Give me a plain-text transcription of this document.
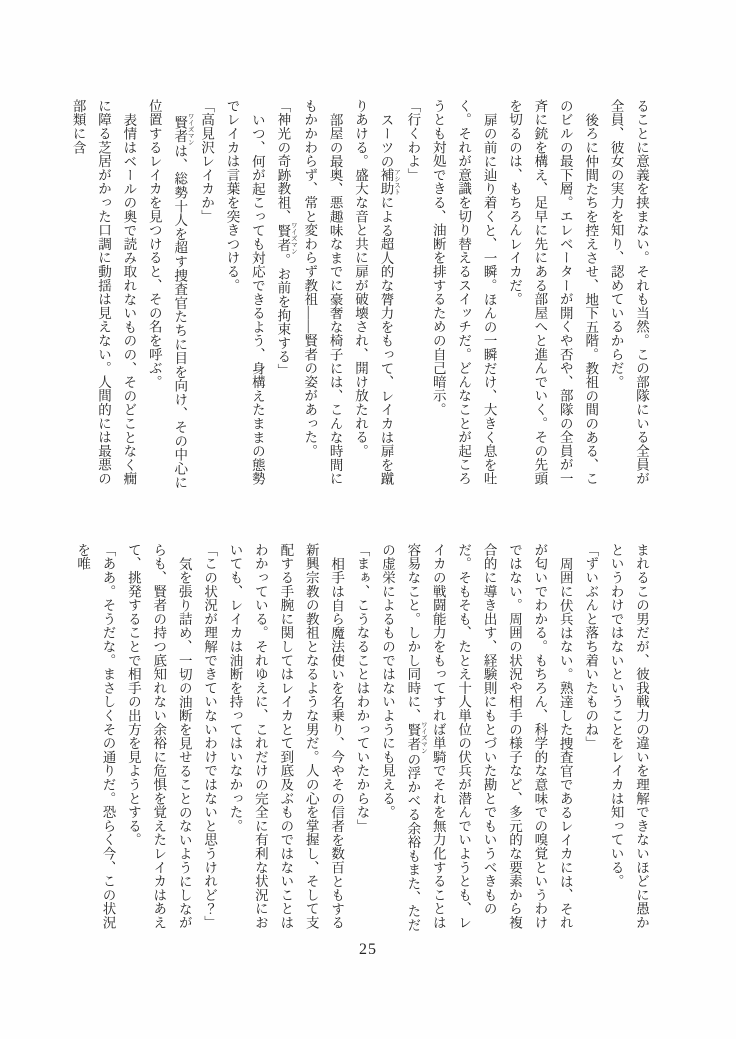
ることに意義を挟まない。それも当然。この部隊にいる全員が全員、彼女の実力を知り、認めているからだ。

後ろに仲間たちを控えさせ、地下五階。教祖の間のある、このビルの最下層。エレベーターが開くや否や、部隊の全員が一斉に銃を構え、足早に先にある部屋へと進んでいく。その先頭を切るのは、もちろんレイカだ。

扉の前に辿り着くと、一瞬。ほんの一瞬だけ、大きく息を吐く。それが意識を切り替えるスイッチだ。どんなことが起ころうとも対処できる、油断を排するための自己暗示。

「行くわよ」

スーツの補助 アシストによる超人的な膂力をもって、レイカは扉を蹴りあける。盛大な音と共に扉が破壊され、開け放たれる。

部屋の最奥、悪趣味なまでに豪奢な椅子には、こんな時間にもかかわらず、常と変わらず教祖――賢者の姿があった。

「神光の奇跡教祖、賢者 ワイズマン。お前を拘束する」

いつ、何が起こっても対応できるよう、身構えたままの態勢でレイカは言葉を突きつける。

「高見沢レイカか」

賢者 ワイズマンは、総勢十人を超す捜査官たちに目を向け、その中心に位置するレイカを見つけると、その名を呼ぶ。

表情はベールの奥で読み取れないものの、そのどことなく癇に障る芝居がかった口調に動揺は見えない。人間的には最悪の部類に含

まれるこの男だが、彼我戦力の違いを理解できないほどに愚かというわけではないということをレイカは知っている。

「ずいぶんと落ち着いたものね」

周囲に伏兵はない。熟達した捜査官であるレイカには、それが匂いでわかる。もちろん、科学的な意味での嗅覚というわけではない。周囲の状況や相手の様子など、多元的な要素から複合的に導き出す、経験則にもとづいた勘とでもいうべきものだ。そもそも、たとえ十人単位の伏兵が潜んでいようとも、レイカの戦闘能力をもってすれば単騎でそれを無力化することは容易なこと。しかし同時に、賢者 ワイズマンの浮かべる余裕もまた、ただの虚栄によるものではないようにも見える。

「まぁ、こうなることはわかっていたからな」

相手は自ら魔法使いを名乗り、今やその信者を数百ともする新興宗教の教祖となるような男だ。人の心を掌握し、そして支配する手腕に関してはレイカとて到底及ぶものではないことはわかっている。それゆえに、これだけの完全に有利な状況においても、レイカは油断を持ってはいなかった。

「この状況が理解できていないわけではないと思うけれど？」

気を張り詰め、一切の油断を見せることのないようにしながらも、賢者の持つ底知れない余裕に危惧を覚えたレイカはあえて、挑発することで相手の出方を見ようとする。

「ああ。そうだな。まさしくその通りだ。恐らく今、この状況を唯

25
